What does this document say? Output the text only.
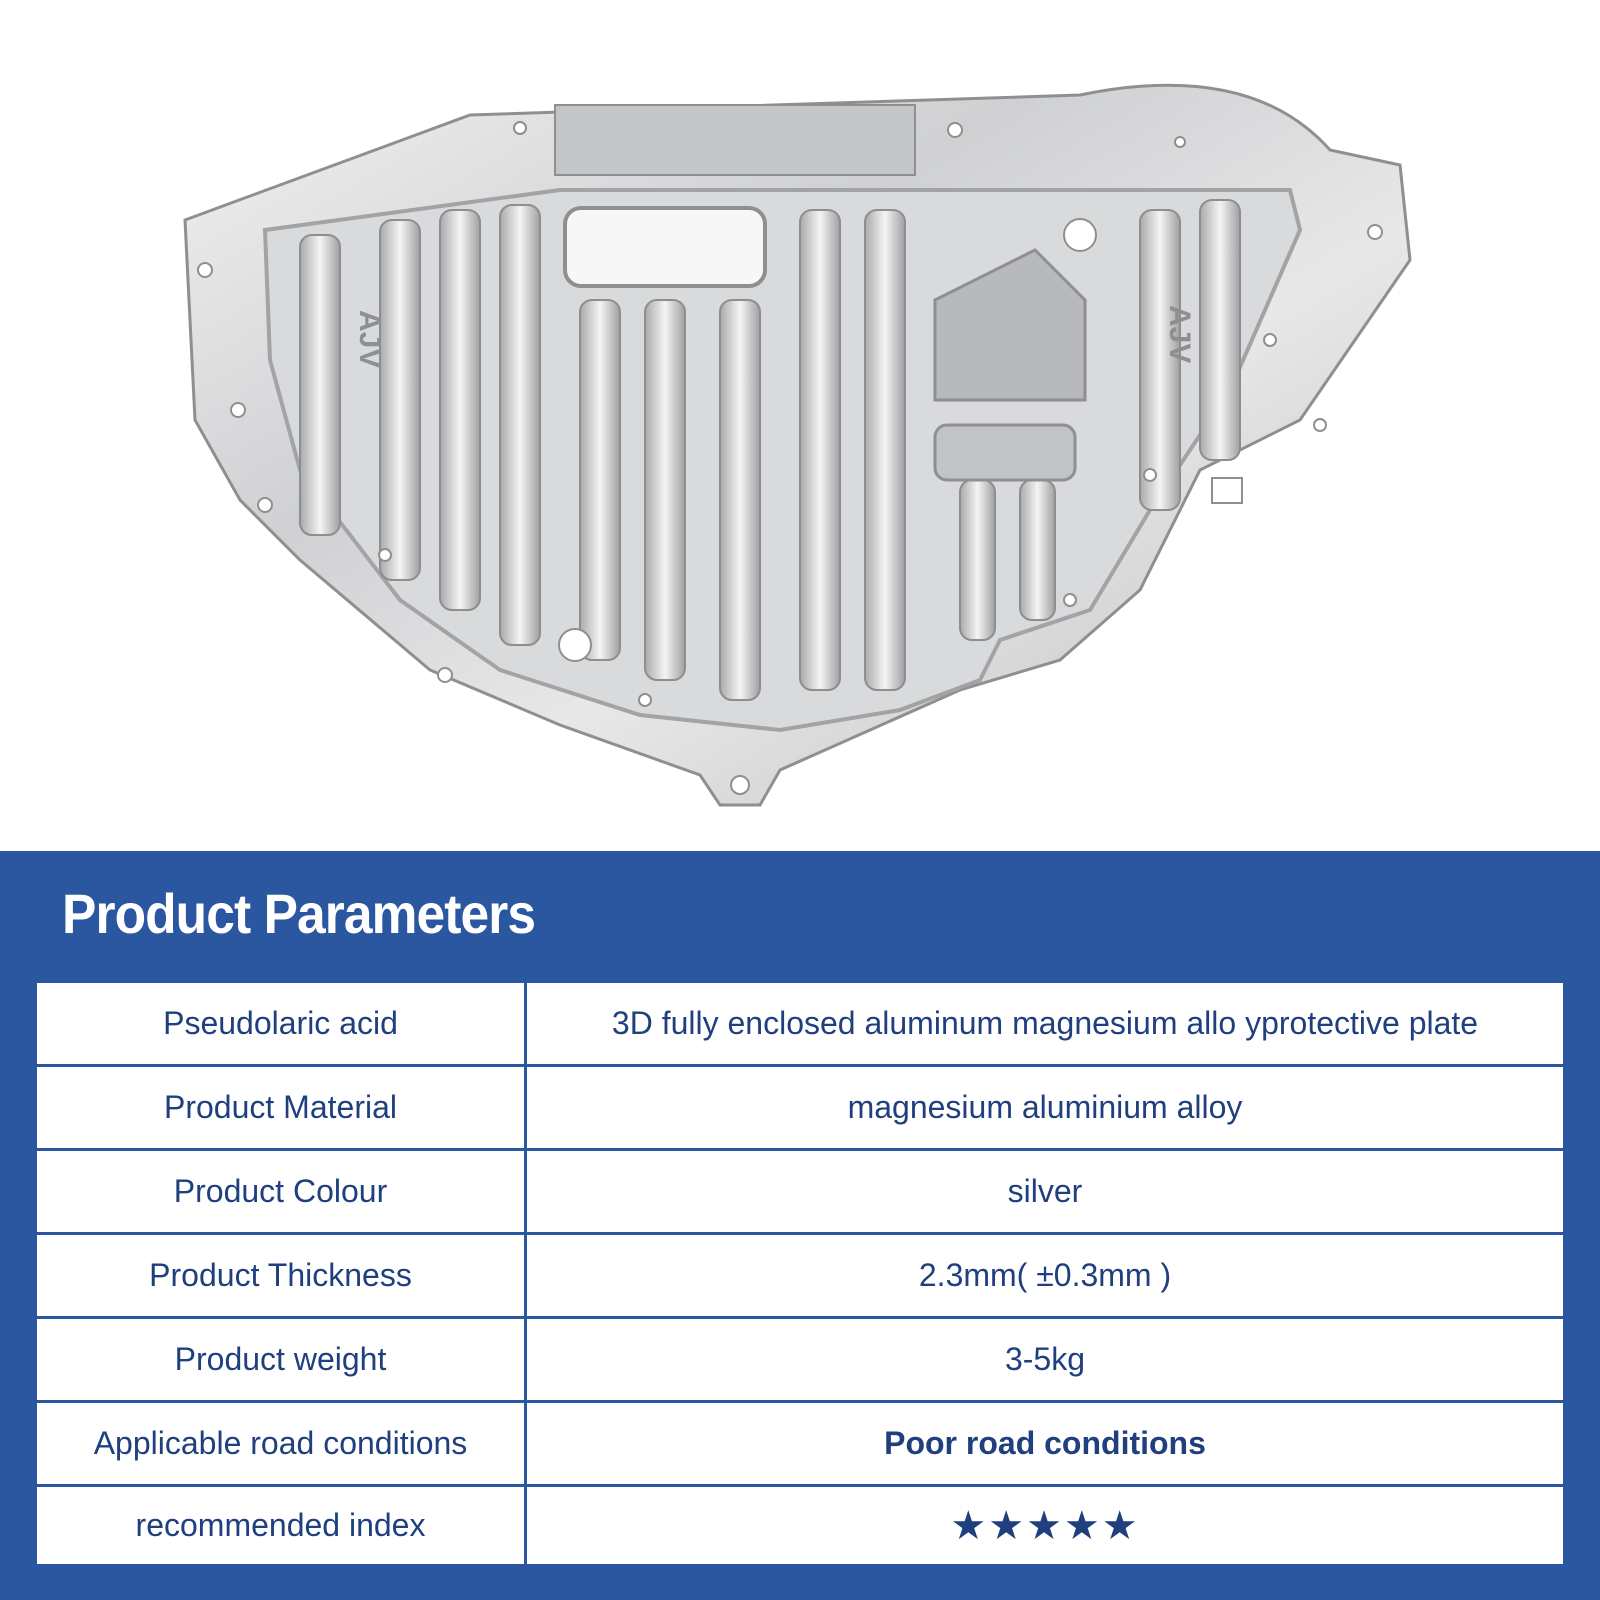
AJV	AJV
Product Parameters
Pseudolaric acid	3D fully enclosed aluminum magnesium allo yprotective plate
Product Material	magnesium aluminium alloy
Product Colour	silver
Product Thickness	2.3mm( ±0.3mm )
Product weight	3-5kg
Applicable road conditions	Poor road conditions
recommended index	★★★★★
